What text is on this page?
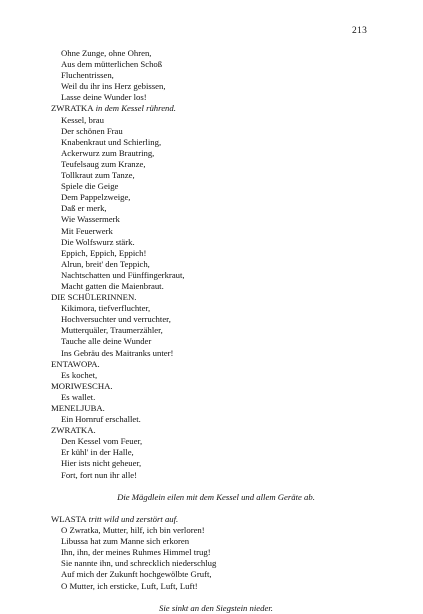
213
Ohne Zunge, ohne Ohren,
Aus dem mütterlichen Schoß
Fluchentrissen,
Weil du ihr ins Herz gebissen,
Lasse deine Wunder los!
ZWRATKA in dem Kessel rührend.
Kessel, brau
Der schönen Frau
Knabenkraut und Schierling,
Ackerwurz zum Brautring,
Teufelsaug zum Kranze,
Tollkraut zum Tanze,
Spiele die Geige
Dem Pappelzweige,
Daß er merk,
Wie Wassermerk
Mit Feuerwerk
Die Wolfswurz stärk.
Eppich, Eppich, Eppich!
Alrun, breit' den Teppich,
Nachtschatten und Fünffingerkraut,
Macht gatten die Maienbraut.
DIE SCHÜLERINNEN.
Kikimora, tiefverfluchter,
Hochversuchter und verruchter,
Mutterquäler, Traumerzähler,
Tauche alle deine Wunder
Ins Gebräu des Maitranks unter!
ENTAWOPA.
Es kochet,
MORIWESCHA.
Es wallet.
MENELJUBA.
Ein Hornruf erschallet.
ZWRATKA.
Den Kessel vom Feuer,
Er kühl' in der Halle,
Hier ists nicht geheuer,
Fort, fort nun ihr alle!
Die Mägdlein eilen mit dem Kessel und allem Geräte ab.
WLASTA tritt wild und zerstört auf.
O Zwratka, Mutter, hilf, ich bin verloren!
Libussa hat zum Manne sich erkoren
Ihn, ihn, der meines Ruhmes Himmel trug!
Sie nannte ihn, und schrecklich niederschlug
Auf mich der Zukunft hochgewölbte Gruft,
O Mutter, ich ersticke, Luft, Luft, Luft!
Sie sinkt an den Siegstein nieder.
